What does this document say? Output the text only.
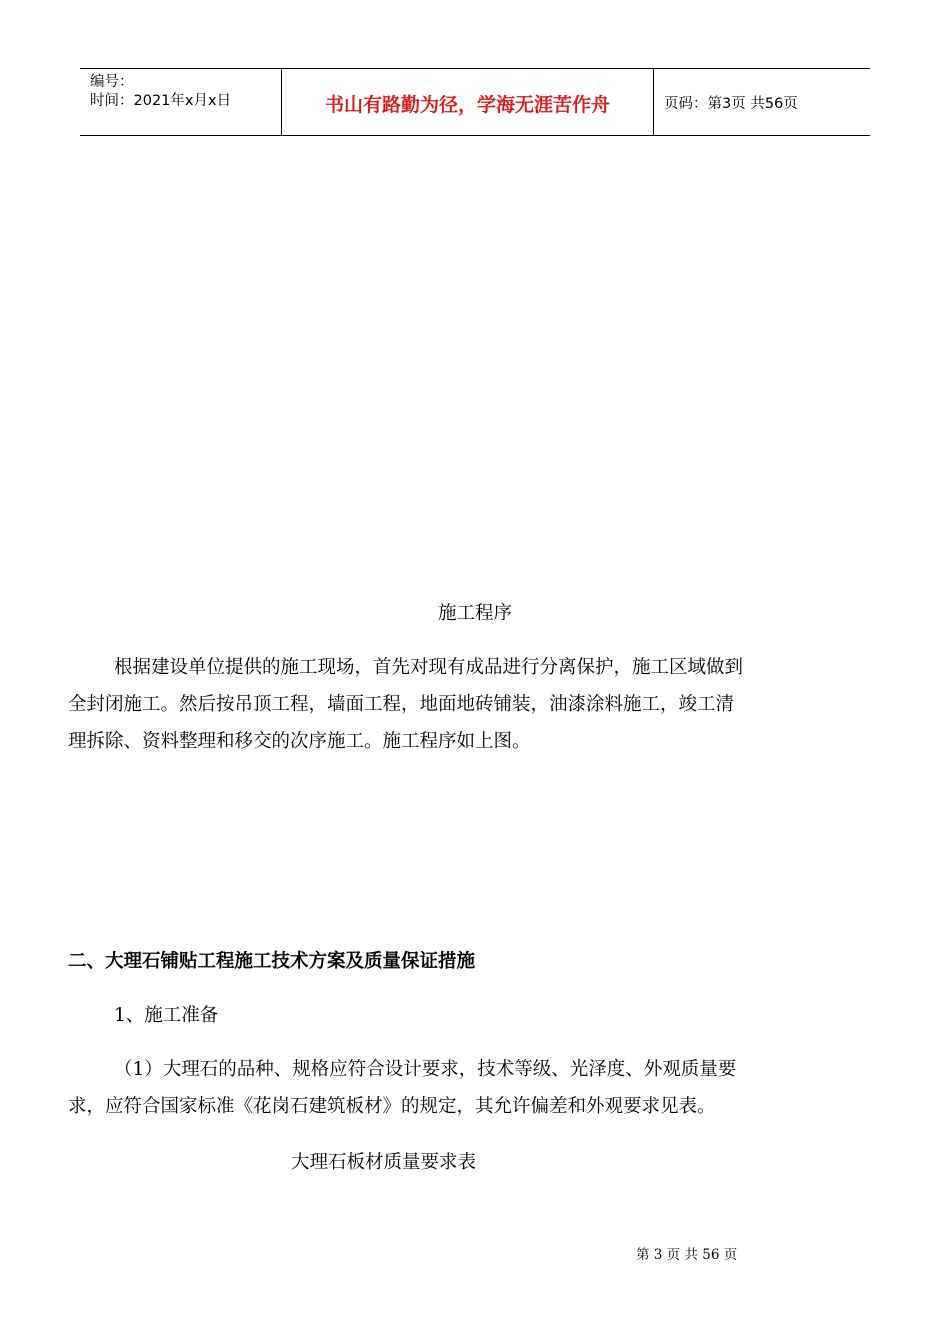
编号：
时间：2021年x月x日	书山有路勤为径，学海无涯苦作舟	页码：第3页 共56页
施工程序
根据建设单位提供的施工现场，首先对现有成品进行分离保护，施工区域做到
全封闭施工。然后按吊顶工程，墙面工程，地面地砖铺装，油漆涂料施工，竣工清
理拆除、资料整理和移交的次序施工。施工程序如上图。
二、大理石铺贴工程施工技术方案及质量保证措施
1、施工准备
（1）大理石的品种、规格应符合设计要求，技术等级、光泽度、外观质量要
求，应符合国家标准《花岗石建筑板材》的规定，其允许偏差和外观要求见表。
大理石板材质量要求表
第 3 页 共 56 页
